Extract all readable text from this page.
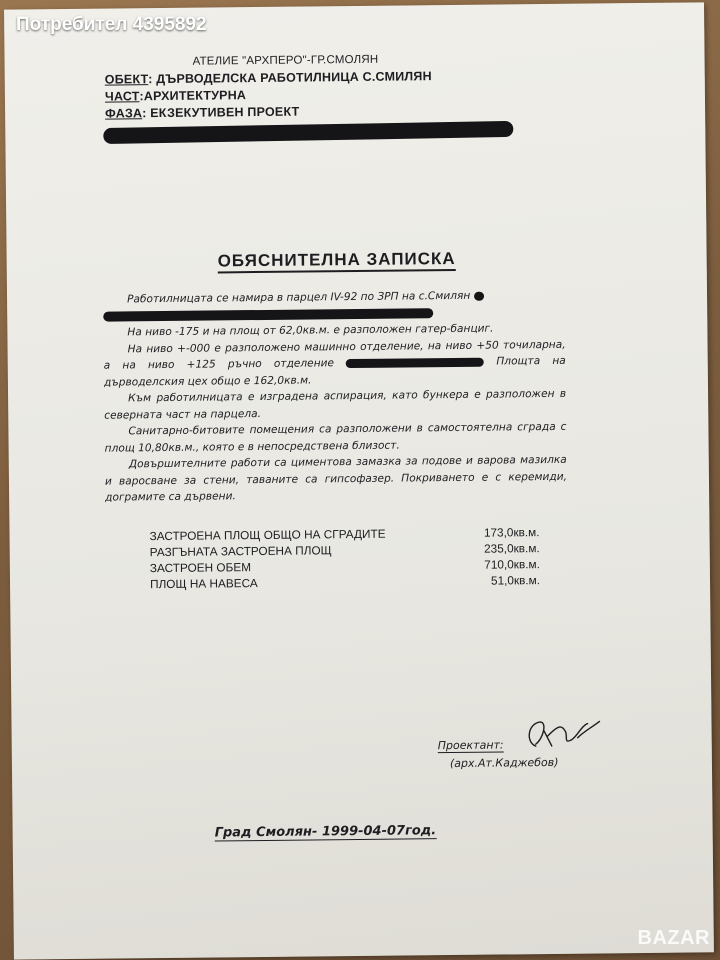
Потребител 4395892
АТЕЛИЕ "АРХПЕРО"-ГР.СМОЛЯН
ОБЕКТ: ДЪРВОДЕЛСКА РАБОТИЛНИЦА С.СМИЛЯН
ЧАСТ:АРХИТЕКТУРНА
ФАЗА: ЕКЗЕКУТИВЕН ПРОЕКТ
ОБЯСНИТЕЛНА ЗАПИСКА

Работилницата се намира в парцел IV-92 по ЗРП на с.Смилян

На ниво -175 и на площ от 62,0кв.м. е разположен гатер-банциг.

На ниво +-000 е разположено машинно отделение, на ниво +50 точиларна, а на ниво +125 ръчно отделение	Площта на дърводелския цех общо е 162,0кв.м.

Към работилницата е изградена аспирация, като бункера е разположен в северната част на парцела.

Санитарно-битовите помещения са разположени в самостоятелна сграда с площ 10,80кв.м., която е в непосредствена близост.

Довършителните работи са циментова замазка за подове и варова мазилка и варосване за стени, таваните са гипсофазер. Покриването е с керемиди, дограмите са дървени.

ЗАСТРОЕНА ПЛОЩ ОБЩО НА СГРАДИТЕ	173,0кв.м.
РАЗГЪНАТА ЗАСТРОЕНА ПЛОЩ	235,0кв.м.
ЗАСТРОЕН ОБЕМ	710,0кв.м.
ПЛОЩ НА НАВЕСА	51,0кв.м.
Проектант:
(арх.Ат.Каджебов)
Град Смолян- 1999-04-07год.
BAZAR
